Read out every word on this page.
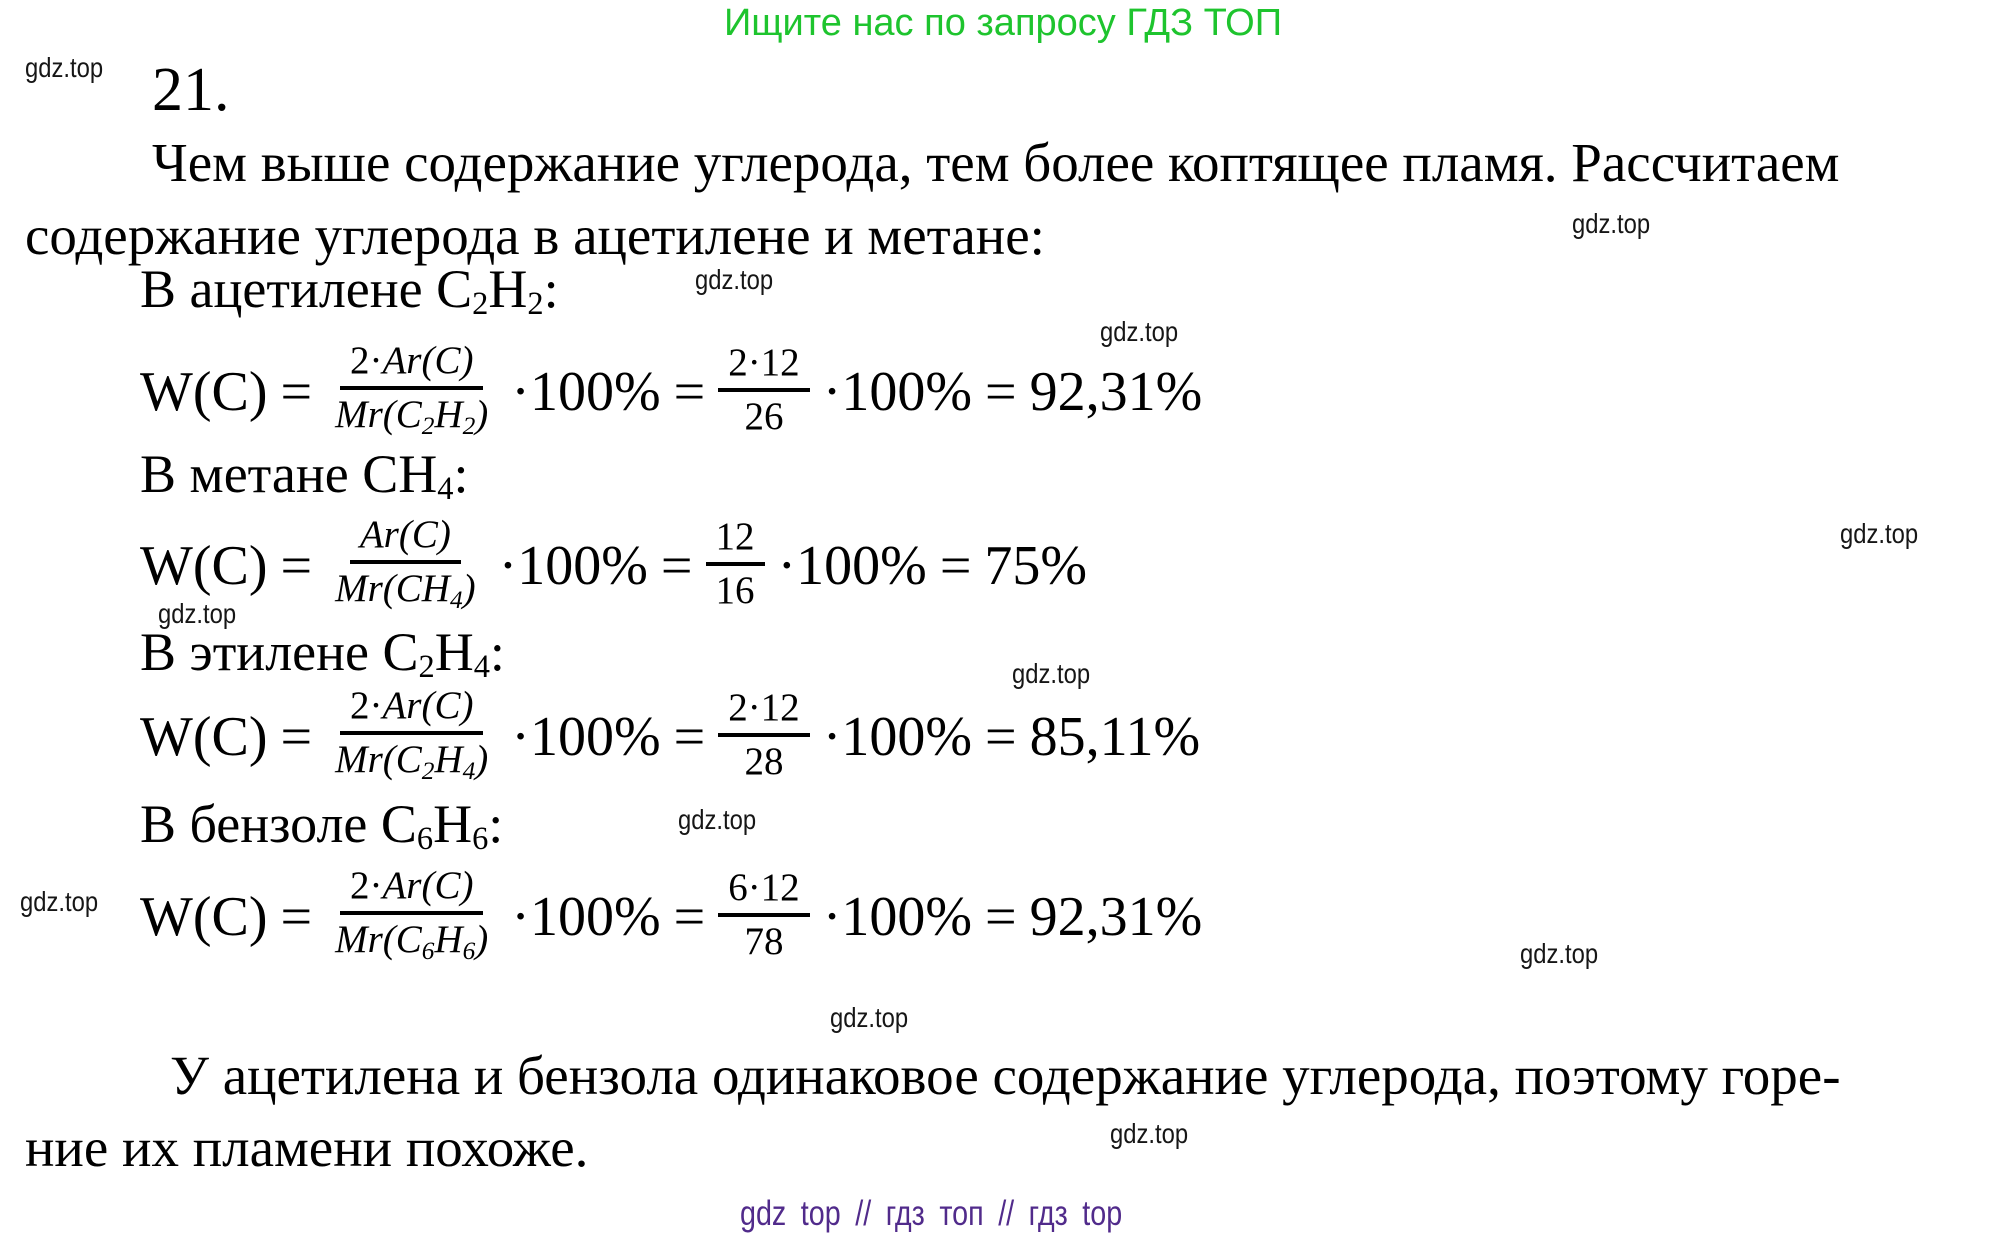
Ищите нас по запросу ГДЗ ТОП
21.
Чем выше содержание углерода, тем более коптящее пламя. Рассчитаем
содержание углерода в ацетилене и метане:
В ацетилене $C_2H_2$:
$W(C) = \frac{2\cdot Ar(C)}{Mr(C_2H_2)} \cdot 100\% = \frac{2\cdot 12}{26} \cdot 100\% = 92,31\%$
В метане $CH_4$:
$W(C) = \frac{Ar(C)}{Mr(CH_4)} \cdot 100\% = \frac{12}{16} \cdot 100\% = 75\%$
В этилене $C_2H_4$:
$W(C) = \frac{2\cdot Ar(C)}{Mr(C_2H_4)} \cdot 100\% = \frac{2\cdot 12}{28} \cdot 100\% = 85,11\%$
В бензоле $C_6H_6$:
$W(C) = \frac{2\cdot Ar(C)}{Mr(C_6H_6)} \cdot 100\% = \frac{6\cdot 12}{78} \cdot 100\% = 92,31\%$
У ацетилена и бензола одинаковое содержание углерода, поэтому горе-
ние их пламени похоже.
gdz top // гдз топ // гдз top
gdz.top
gdz.top
gdz.top
gdz.top
gdz.top
gdz.top
gdz.top
gdz.top
gdz.top
gdz.top
gdz.top
gdz.top
